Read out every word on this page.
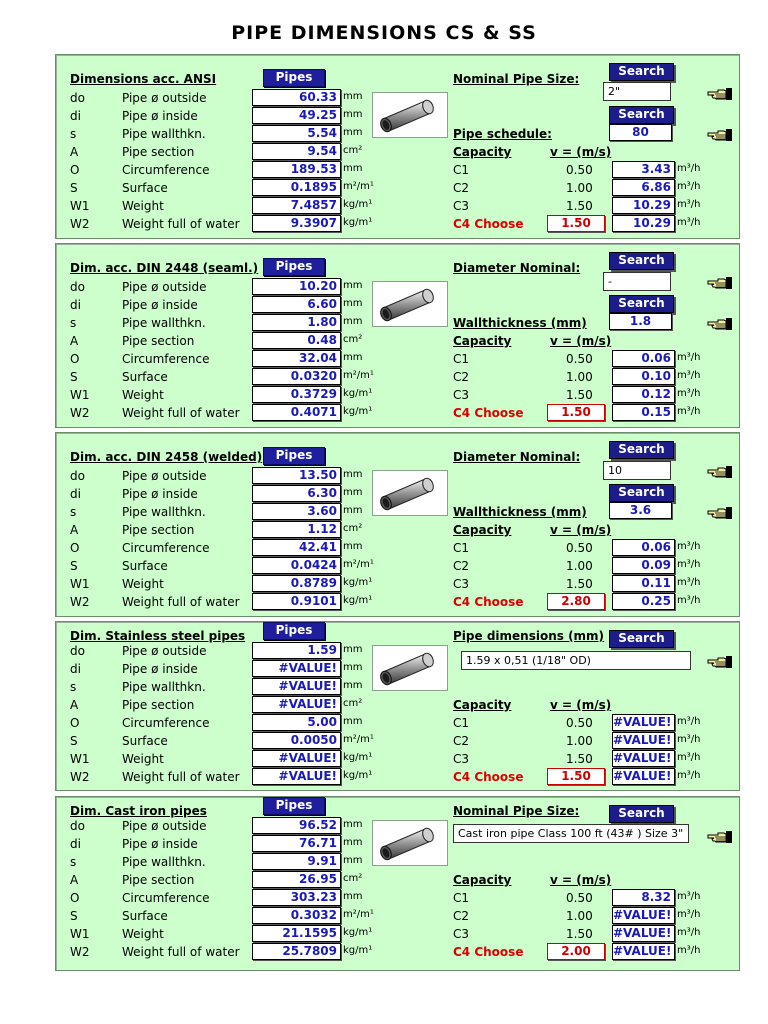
PIPE DIMENSIONS CS & SS
Dimensions acc. ANSI	Pipes
do	Pipe ø outside	60.33 mm
di	Pipe ø inside	49.25 mm
s	Pipe wallthkn.	5.54 mm
A	Pipe section	9.54 cm²
O	Circumference	189.53 mm
S	Surface	0.1895 m²/m¹
W1	Weight	7.4857 kg/m¹
W2	Weight full of water	9.3907 kg/m¹
Nominal Pipe Size:
Search
2"
Search
Pipe schedule:	80
Capacity	v = (m/s)
C1	0.50	3.43 m³/h
C2	1.00	6.86 m³/h
C3	1.50	10.29 m³/h
C4 Choose	1.50	10.29 m³/h
Dim. acc. DIN 2448 (seaml.)	Pipes
do	Pipe ø outside	10.20 mm
di	Pipe ø inside	6.60 mm
s	Pipe wallthkn.	1.80 mm
A	Pipe section	0.48 cm²
O	Circumference	32.04 mm
S	Surface	0.0320 m²/m¹
W1	Weight	0.3729 kg/m¹
W2	Weight full of water	0.4071 kg/m¹
Diameter Nominal:
Search
-
Search
Wallthickness (mm)	1.8
Capacity	v = (m/s)
C1	0.50	0.06 m³/h
C2	1.00	0.10 m³/h
C3	1.50	0.12 m³/h
C4 Choose	1.50	0.15 m³/h
Dim. acc. DIN 2458 (welded)	Pipes
do	Pipe ø outside	13.50 mm
di	Pipe ø inside	6.30 mm
s	Pipe wallthkn.	3.60 mm
A	Pipe section	1.12 cm²
O	Circumference	42.41 mm
S	Surface	0.0424 m²/m¹
W1	Weight	0.8789 kg/m¹
W2	Weight full of water	0.9101 kg/m¹
Diameter Nominal:
Search
10
Search
Wallthickness (mm)	3.6
Capacity	v = (m/s)
C1	0.50	0.06 m³/h
C2	1.00	0.09 m³/h
C3	1.50	0.11 m³/h
C4 Choose	2.80	0.25 m³/h
Dim. Stainless steel pipes	Pipes
do	Pipe ø outside	1.59 mm
di	Pipe ø inside	#VALUE! mm
s	Pipe wallthkn.	#VALUE! mm
A	Pipe section	#VALUE! cm²
O	Circumference	5.00 mm
S	Surface	0.0050 m²/m¹
W1	Weight	#VALUE! kg/m¹
W2	Weight full of water	#VALUE! kg/m¹
Pipe dimensions (mm)	Search
1.59 x 0,51 (1/18" OD)
Capacity	v = (m/s)
C1	0.50 #VALUE! m³/h
C2	1.00 #VALUE! m³/h
C3	1.50 #VALUE! m³/h
C4 Choose	1.50	#VALUE! m³/h
Dim. Cast iron pipes	Pipes
do	Pipe ø outside	96.52 mm
di	Pipe ø inside	76.71 mm
s	Pipe wallthkn.	9.91 mm
A	Pipe section	26.95 cm²
O	Circumference	303.23 mm
S	Surface	0.3032 m²/m¹
W1	Weight	21.1595 kg/m¹
W2	Weight full of water	25.7809 kg/m¹
Nominal Pipe Size:	Search
Cast iron pipe Class 100 ft (43# ) Size 3"
Capacity	v = (m/s)
C1	0.50	8.32 m³/h
C2	1.00 #VALUE! m³/h
C3	1.50 #VALUE! m³/h
C4 Choose	2.00	#VALUE! m³/h
